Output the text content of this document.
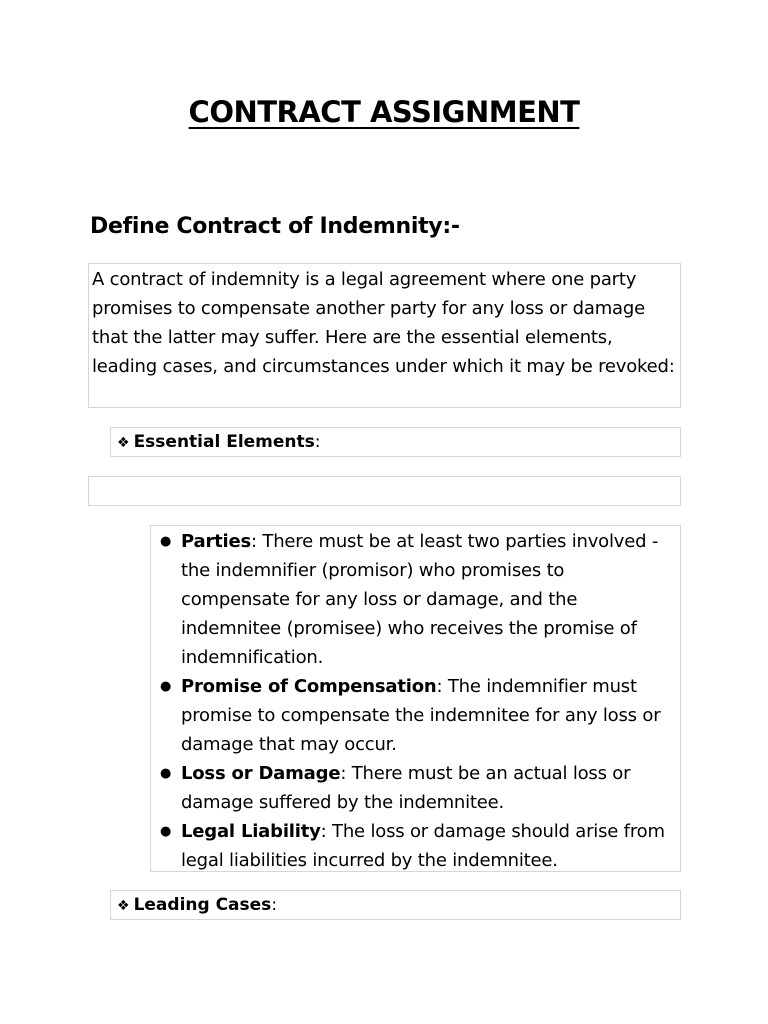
CONTRACT ASSIGNMENT
Define Contract of Indemnity:-
A contract of indemnity is a legal agreement where one party promises to compensate another party for any loss or damage that the latter may suffer. Here are the essential elements, leading cases, and circumstances under which it may be revoked:
❖ Essential Elements:
● Parties: There must be at least two parties involved - the indemnifier (promisor) who promises to compensate for any loss or damage, and the indemnitee (promisee) who receives the promise of indemnification.
● Promise of Compensation: The indemnifier must promise to compensate the indemnitee for any loss or damage that may occur.
● Loss or Damage: There must be an actual loss or damage suffered by the indemnitee.
● Legal Liability: The loss or damage should arise from legal liabilities incurred by the indemnitee.
❖ Leading Cases:
